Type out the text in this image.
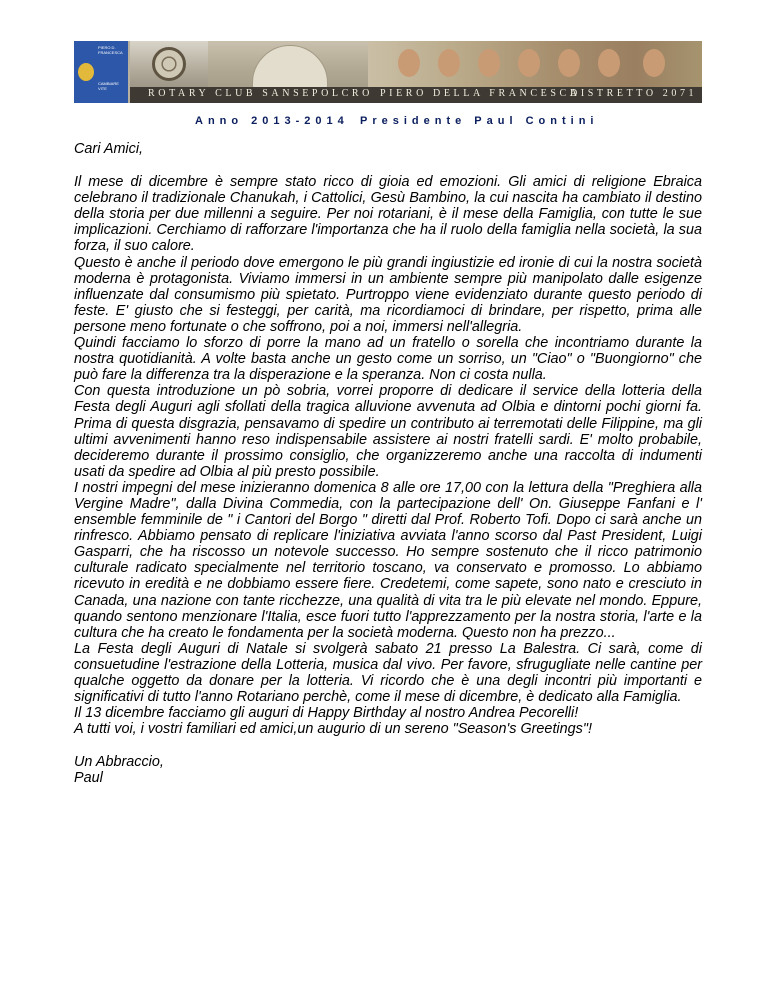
PIERO D. FRANCESCA
CAMBIARE VITE	ROTARY CLUB SANSEPOLCRO PIERO DELLA FRANCESCA
DISTRETTO 2071
Anno 2013-2014 Presidente Paul Contini

Cari Amici,

Il mese di dicembre è sempre stato ricco di gioia ed emozioni. Gli amici di religione Ebraica celebrano il tradizionale Chanukah, i Cattolici, Gesù Bambino, la cui nascita ha cambiato il destino della storia per due millenni a seguire. Per noi rotariani, è il mese della Famiglia, con tutte le sue implicazioni. Cerchiamo di rafforzare l'importanza che ha il ruolo della famiglia nella società, la sua forza, il suo calore.

Questo è anche il periodo dove emergono le più grandi ingiustizie ed ironie di cui la nostra società moderna è protagonista. Viviamo immersi in un ambiente sempre più manipolato dalle esigenze influenzate dal consumismo più spietato. Purtroppo viene evidenziato durante questo periodo di feste. E' giusto che si festeggi, per carità, ma ricordiamoci di brindare, per rispetto, prima alle persone meno fortunate o che soffrono, poi a noi, immersi nell'allegria.

Quindi facciamo lo sforzo di porre la mano ad un fratello o sorella che incontriamo durante la nostra quotidianità. A volte basta anche un gesto come un sorriso, un "Ciao" o "Buongiorno" che può fare la differenza tra la disperazione e la speranza. Non ci costa nulla.

Con questa introduzione un pò sobria, vorrei proporre di dedicare il service della lotteria della Festa degli Auguri agli sfollati della tragica alluvione avvenuta ad Olbia e dintorni pochi giorni fa. Prima di questa disgrazia, pensavamo di spedire un contributo ai terremotati delle Filippine, ma gli ultimi avvenimenti hanno reso indispensabile assistere ai nostri fratelli sardi. E' molto probabile, decideremo durante il prossimo consiglio, che organizzeremo anche una raccolta di indumenti usati da spedire ad Olbia al più presto possibile.

I nostri impegni del mese inizieranno domenica 8 alle ore 17,00 con la lettura della "Preghiera alla Vergine Madre", dalla Divina Commedia, con la partecipazione dell' On. Giuseppe Fanfani e l' ensemble femminile de " i Cantori del Borgo " diretti dal Prof. Roberto Tofi. Dopo ci sarà anche un rinfresco. Abbiamo pensato di replicare l'iniziativa avviata l'anno scorso dal Past President, Luigi Gasparri, che ha riscosso un notevole successo. Ho sempre sostenuto che il ricco patrimonio culturale radicato specialmente nel territorio toscano, va conservato e promosso. Lo abbiamo ricevuto in eredità e ne dobbiamo essere fiere. Credetemi, come sapete, sono nato e cresciuto in Canada, una nazione con tante ricchezze, una qualità di vita tra le più elevate nel mondo. Eppure, quando sentono menzionare l'Italia, esce fuori tutto l'apprezzamento per la nostra storia, l'arte e la cultura che ha creato le fondamenta per la società moderna. Questo non ha prezzo...

La Festa degli Auguri di Natale si svolgerà sabato 21 presso La Balestra. Ci sarà, come di consuetudine l'estrazione della Lotteria, musica dal vivo. Per favore, sfrugugliate nelle cantine per qualche oggetto da donare per la lotteria. Vi ricordo che è una degli incontri più importanti e significativi di tutto l'anno Rotariano perchè, come il mese di dicembre, è dedicato alla Famiglia.

Il 13 dicembre facciamo gli auguri di Happy Birthday al nostro Andrea Pecorelli!

A tutti voi, i vostri familiari ed amici,un augurio di un sereno "Season's Greetings"!

Un Abbraccio,
Paul
